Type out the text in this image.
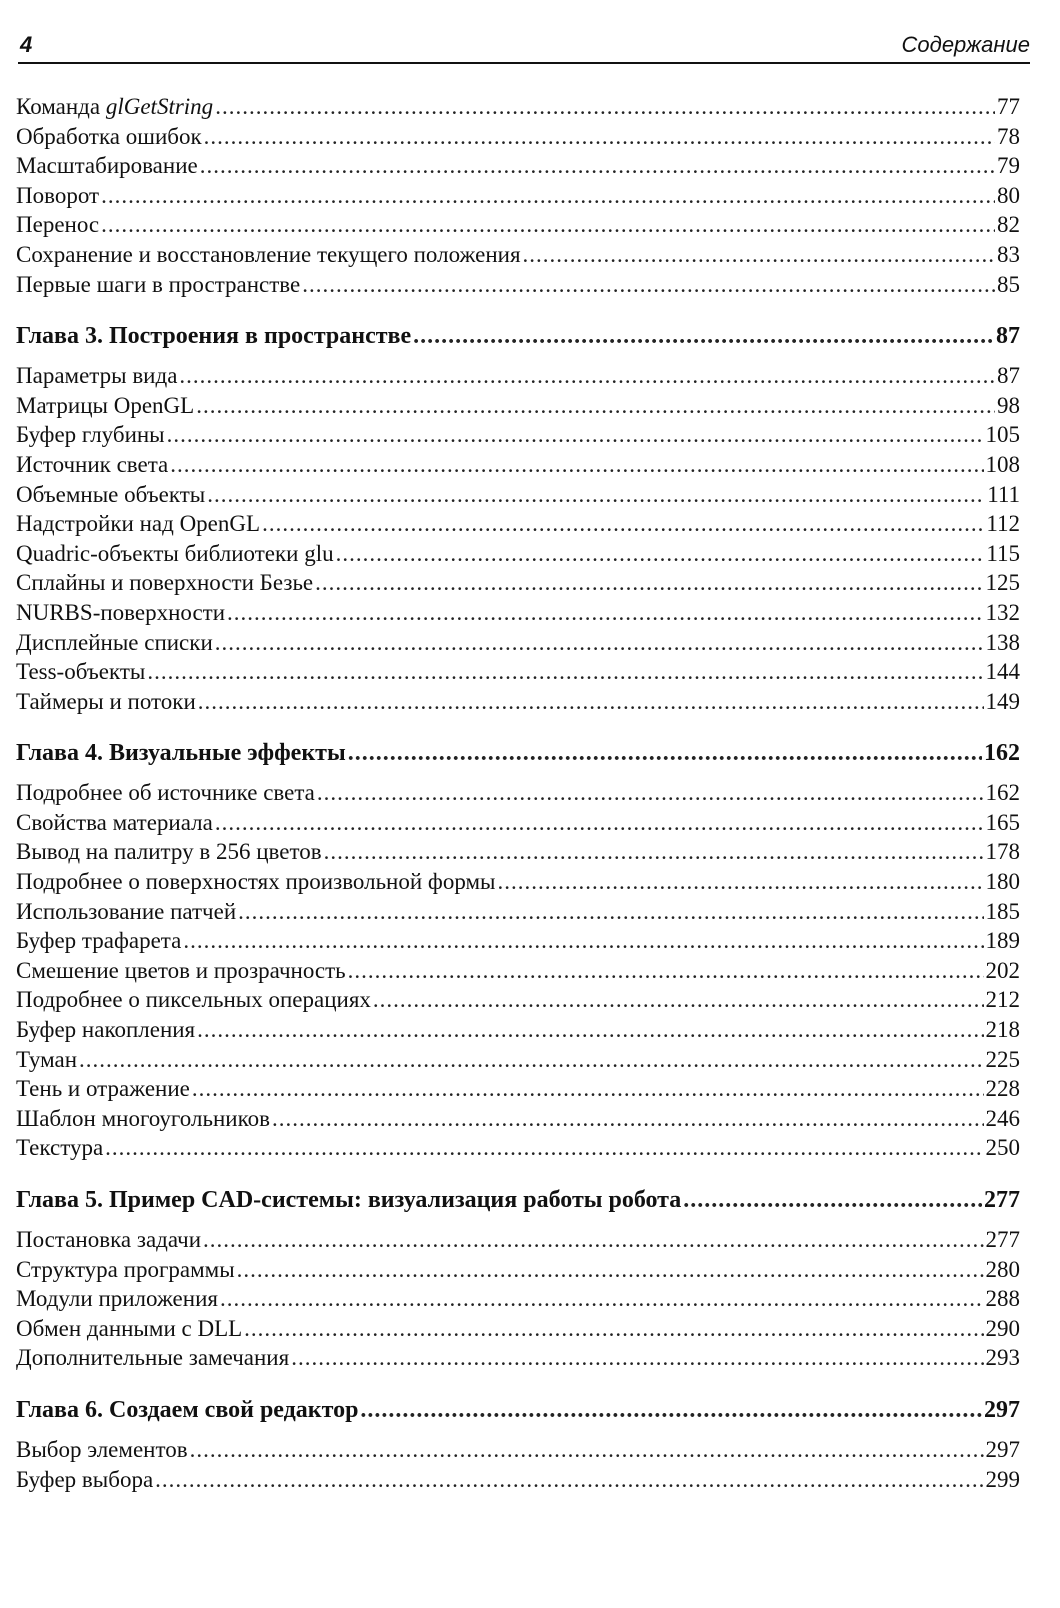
4	Содержание
Команда glGetString .....	77
Обработка ошибок .....	78
Масштабирование .....	79
Поворот .....	80
Перенос .....	82
Сохранение и восстановление текущего положения .....	83
Первые шаги в пространстве .....	85
Глава 3. Построения в пространстве .....	87
Параметры вида .....	87
Матрицы OpenGL .....	98
Буфер глубины .....	105
Источник света .....	108
Объемные объекты .....	111
Надстройки над OpenGL .....	112
Quadric-объекты библиотеки glu .....	115
Сплайны и поверхности Безье .....	125
NURBS-поверхности .....	132
Дисплейные списки .....	138
Tess-объекты .....	144
Таймеры и потоки .....	149
Глава 4. Визуальные эффекты .....	162
Подробнее об источнике света .....	162
Свойства материала .....	165
Вывод на палитру в 256 цветов .....	178
Подробнее о поверхностях произвольной формы .....	180
Использование патчей .....	185
Буфер трафарета .....	189
Смешение цветов и прозрачность .....	202
Подробнее о пиксельных операциях .....	212
Буфер накопления .....	218
Туман .....	225
Тень и отражение .....	228
Шаблон многоугольников .....	246
Текстура .....	250
Глава 5. Пример CAD-системы: визуализация работы робота .....	277
Постановка задачи .....	277
Структура программы .....	280
Модули приложения .....	288
Обмен данными с DLL .....	290
Дополнительные замечания .....	293
Глава 6. Создаем свой редактор .....	297
Выбор элементов .....	297
Буфер выбора .....	299
